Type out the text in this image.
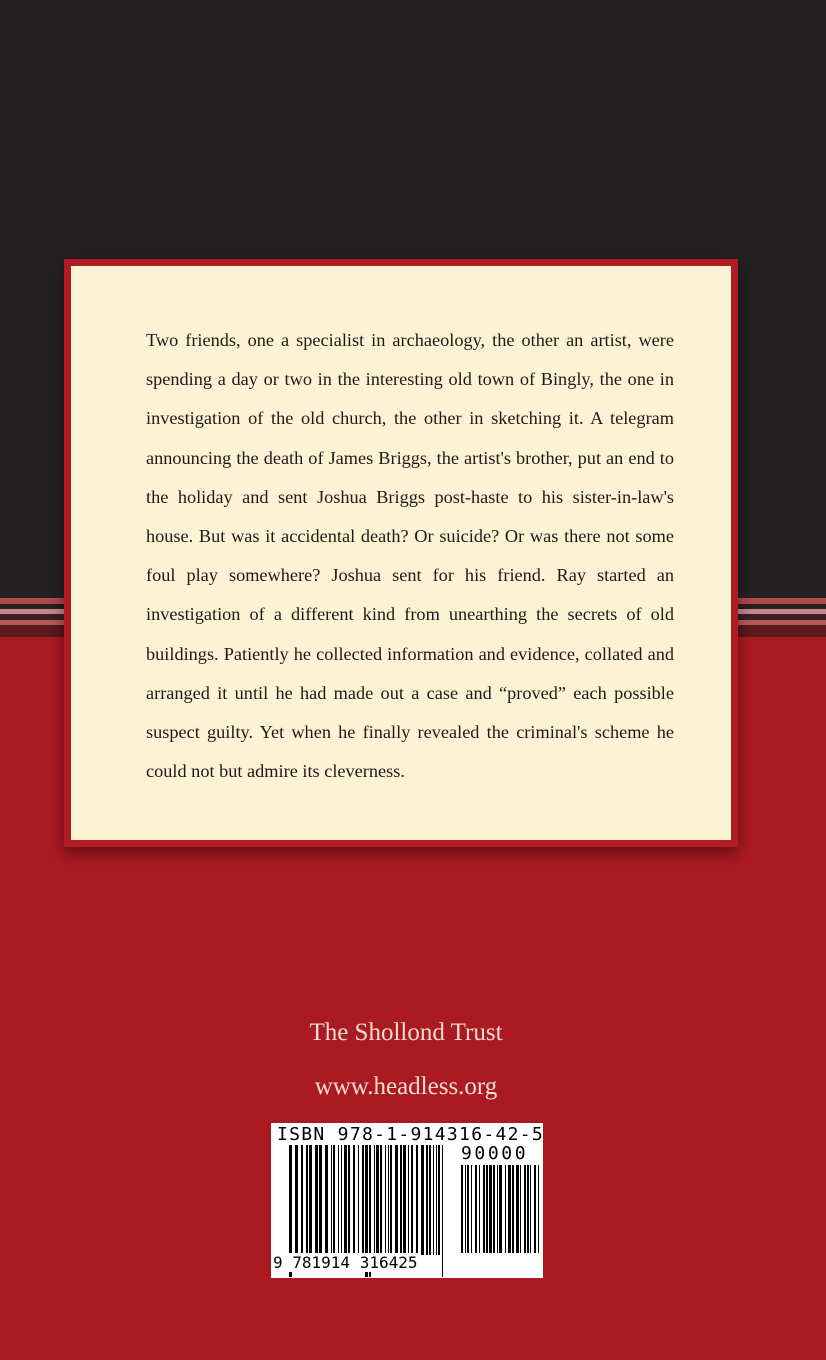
Two friends, one a specialist in archaeology, the other an artist, were spending a day or two in the interesting old town of Bingly, the one in investigation of the old church, the other in sketching it. A telegram announcing the death of James Briggs, the artist's brother, put an end to the holiday and sent Joshua Briggs post-haste to his sister-in-law's house. But was it accidental death? Or suicide? Or was there not some foul play somewhere? Joshua sent for his friend. Ray started an investigation of a different kind from unearthing the secrets of old buildings. Patiently he collected information and evidence, collated and arranged it until he had made out a case and “proved” each possible suspect guilty. Yet when he finally revealed the criminal's scheme he could not but admire its cleverness.

The Shollond Trust
www.headless.org
ISBN 978-1-914316-42-5
90000
9 781914 316425
